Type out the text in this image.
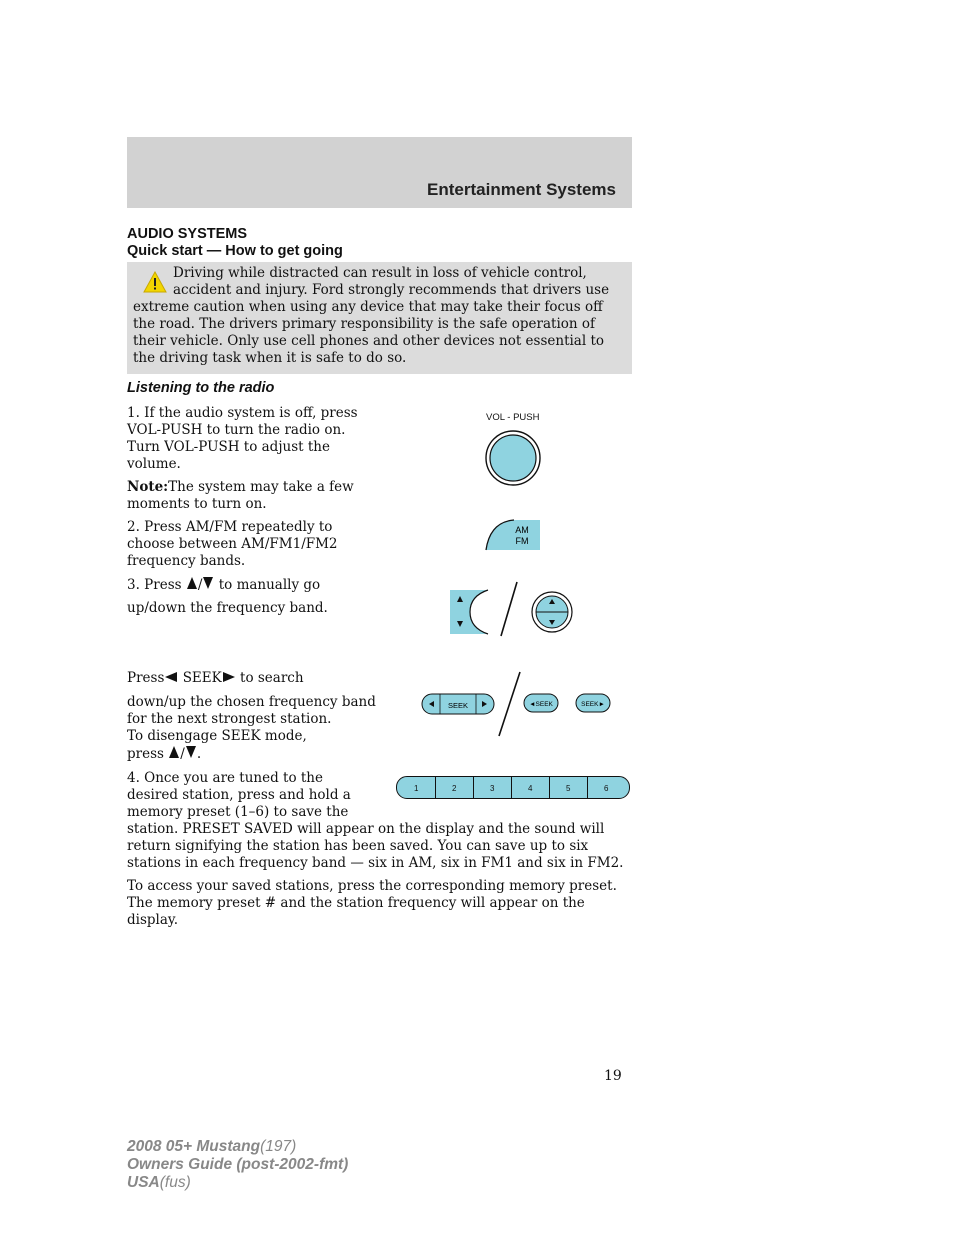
Entertainment Systems
AUDIO SYSTEMS
Quick start — How to get going
Driving while distracted can result in loss of vehicle control,
accident and injury. Ford strongly recommends that drivers use
extreme caution when using any device that may take their focus off
the road. The drivers primary responsibility is the safe operation of
their vehicle. Only use cell phones and other devices not essential to
the driving task when it is safe to do so.
Listening to the radio
1. If the audio system is off, press
VOL-PUSH to turn the radio on.
Turn VOL-PUSH to adjust the
volume.
Note:The system may take a few
moments to turn on.
2. Press AM/FM repeatedly to
choose between AM/FM1/FM2
frequency bands.
3. Press / to manually go
up/down the frequency band.
Press SEEK to search
down/up the chosen frequency band
for the next strongest station.
To disengage SEEK mode,
press / .
4. Once you are tuned to the
desired station, press and hold a
memory preset (1–6) to save the
station. PRESET SAVED will appear on the display and the sound will
return signifying the station has been saved. You can save up to six
stations in each frequency band — six in AM, six in FM1 and six in FM2.
To access your saved stations, press the corresponding memory preset.
The memory preset # and the station frequency will appear on the
display.
VOL - PUSH
AM
FM
SEEK	◄SEEK	SEEK►
1	2	3	4	5	6
19
2008 05+ Mustang(197)
Owners Guide (post-2002-fmt)
USA(fus)
